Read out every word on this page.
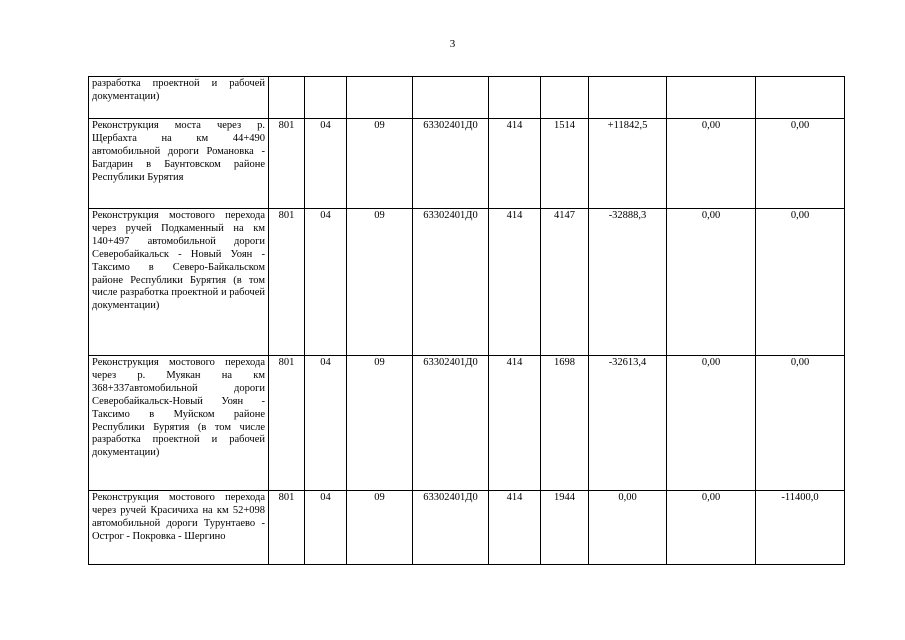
3
разработка проектной и рабочей документации)									
Реконструкция моста через р. Щербахта на км 44+490 автомобильной дороги Романовка - Багдарин в Баунтовском районе Республики Бурятия	801	04	09	63302401Д0	414	1514	+11842,5	0,00	0,00
Реконструкция мостового перехода через ручей Подкаменный на км 140+497 автомобильной дороги Северобайкальск - Новый Уоян - Таксимо в Северо-Байкальском районе Республики Бурятия (в том числе разработка проектной и рабочей документации)	801	04	09	63302401Д0	414	4147	-32888,3	0,00	0,00
Реконструкция мостового перехода через р. Муякан на км 368+337автомобильной дороги Северобайкальск-Новый Уоян - Таксимо в Муйском районе Республики Бурятия (в том числе разработка проектной и рабочей документации)	801	04	09	63302401Д0	414	1698	-32613,4	0,00	0,00
Реконструкция мостового перехода через ручей Красичиха на км 52+098 автомобильной дороги Турунтаево - Острог - Покровка - Шергино	801	04	09	63302401Д0	414	1944	0,00	0,00	-11400,0
